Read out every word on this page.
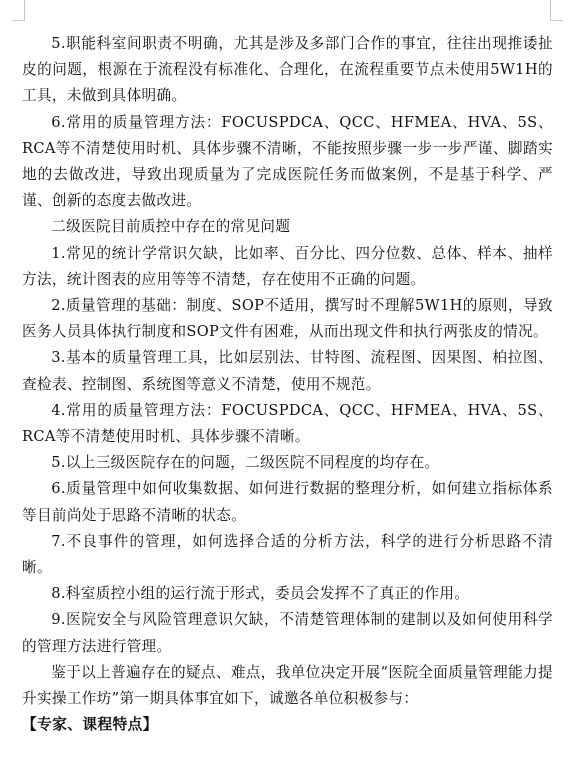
5.职能科室间职责不明确，尤其是涉及多部门合作的事宜，往往出现推诿扯皮的问题，根源在于流程没有标准化、合理化，在流程重要节点未使用5W1H的工具，未做到具体明确。

6.常用的质量管理方法：FOCUSPDCA、QCC、HFMEA、HVA、5S、RCA等不清楚使用时机、具体步骤不清晰，不能按照步骤一步一步严谨、脚踏实地的去做改进，导致出现质量为了完成医院任务而做案例，不是基于科学、严谨、创新的态度去做改进。

二级医院目前质控中存在的常见问题

1.常见的统计学常识欠缺，比如率、百分比、四分位数、总体、样本、抽样方法，统计图表的应用等等不清楚，存在使用不正确的问题。

2.质量管理的基础：制度、SOP不适用，撰写时不理解5W1H的原则，导致医务人员具体执行制度和SOP文件有困难，从而出现文件和执行两张皮的情况。

3.基本的质量管理工具，比如层别法、甘特图、流程图、因果图、柏拉图、查检表、控制图、系统图等意义不清楚，使用不规范。

4.常用的质量管理方法：FOCUSPDCA、QCC、HFMEA、HVA、5S、RCA等不清楚使用时机、具体步骤不清晰。

5.以上三级医院存在的问题，二级医院不同程度的均存在。

6.质量管理中如何收集数据、如何进行数据的整理分析，如何建立指标体系等目前尚处于思路不清晰的状态。

7.不良事件的管理，如何选择合适的分析方法，科学的进行分析思路不清晰。

8.科室质控小组的运行流于形式，委员会发挥不了真正的作用。

9.医院安全与风险管理意识欠缺，不清楚管理体制的建制以及如何使用科学的管理方法进行管理。

鉴于以上普遍存在的疑点、难点，我单位决定开展“医院全面质量管理能力提升实操工作坊”第一期具体事宜如下，诚邀各单位积极参与：

【专家、课程特点】
